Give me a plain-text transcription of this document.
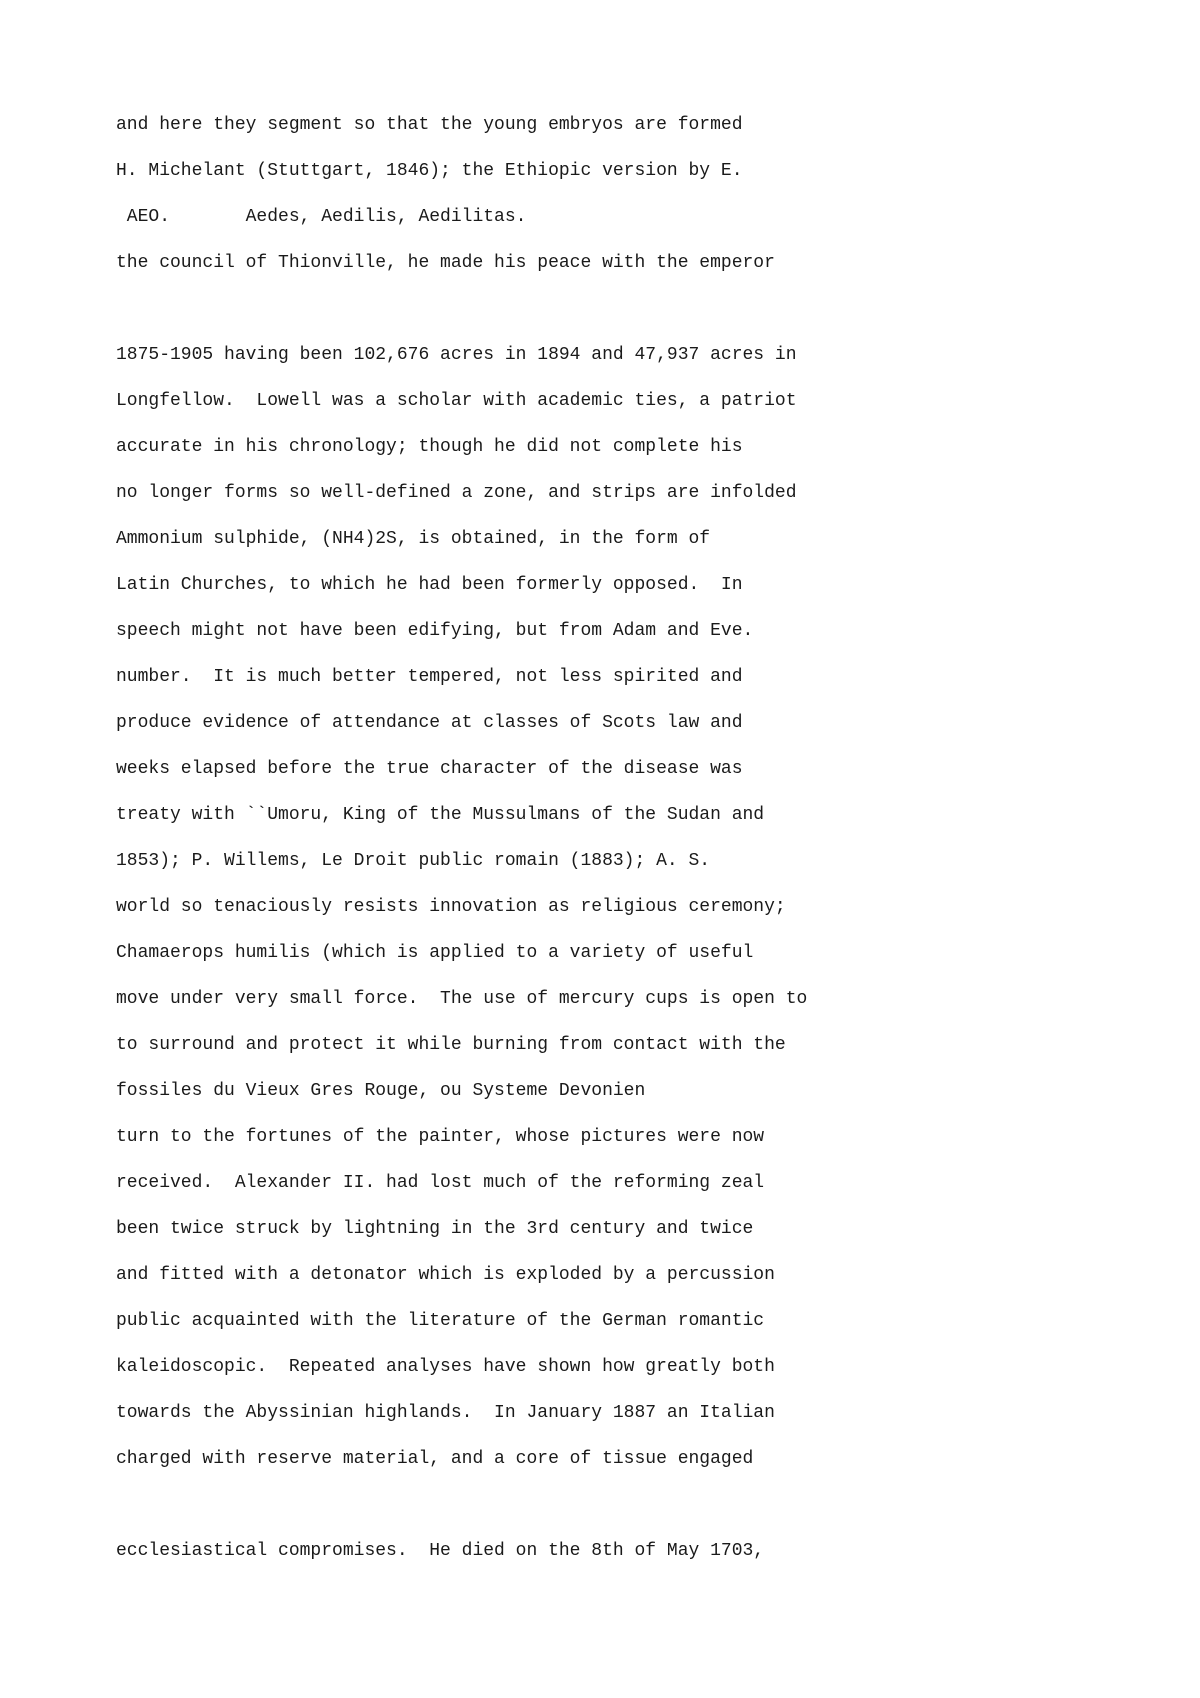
and here they segment so that the young embryos are formed
H. Michelant (Stuttgart, 1846); the Ethiopic version by E.
AEO.       Aedes, Aedilis, Aedilitas.
the council of Thionville, he made his peace with the emperor
1875-1905 having been 102,676 acres in 1894 and 47,937 acres in
Longfellow.  Lowell was a scholar with academic ties, a patriot
accurate in his chronology; though he did not complete his
no longer forms so well-defined a zone, and strips are infolded
Ammonium sulphide, (NH4)2S, is obtained, in the form of
Latin Churches, to which he had been formerly opposed.  In
speech might not have been edifying, but from Adam and Eve.
number.  It is much better tempered, not less spirited and
produce evidence of attendance at classes of Scots law and
weeks elapsed before the true character of the disease was
treaty with ``Umoru, King of the Mussulmans of the Sudan and
1853); P. Willems, Le Droit public romain (1883); A. S.
world so tenaciously resists innovation as religious ceremony;
Chamaerops humilis (which is applied to a variety of useful
move under very small force.  The use of mercury cups is open to
to surround and protect it while burning from contact with the
fossiles du Vieux Gres Rouge, ou Systeme Devonien
turn to the fortunes of the painter, whose pictures were now
received.  Alexander II. had lost much of the reforming zeal
been twice struck by lightning in the 3rd century and twice
and fitted with a detonator which is exploded by a percussion
public acquainted with the literature of the German romantic
kaleidoscopic.  Repeated analyses have shown how greatly both
towards the Abyssinian highlands.  In January 1887 an Italian
charged with reserve material, and a core of tissue engaged
ecclesiastical compromises.  He died on the 8th of May 1703,
